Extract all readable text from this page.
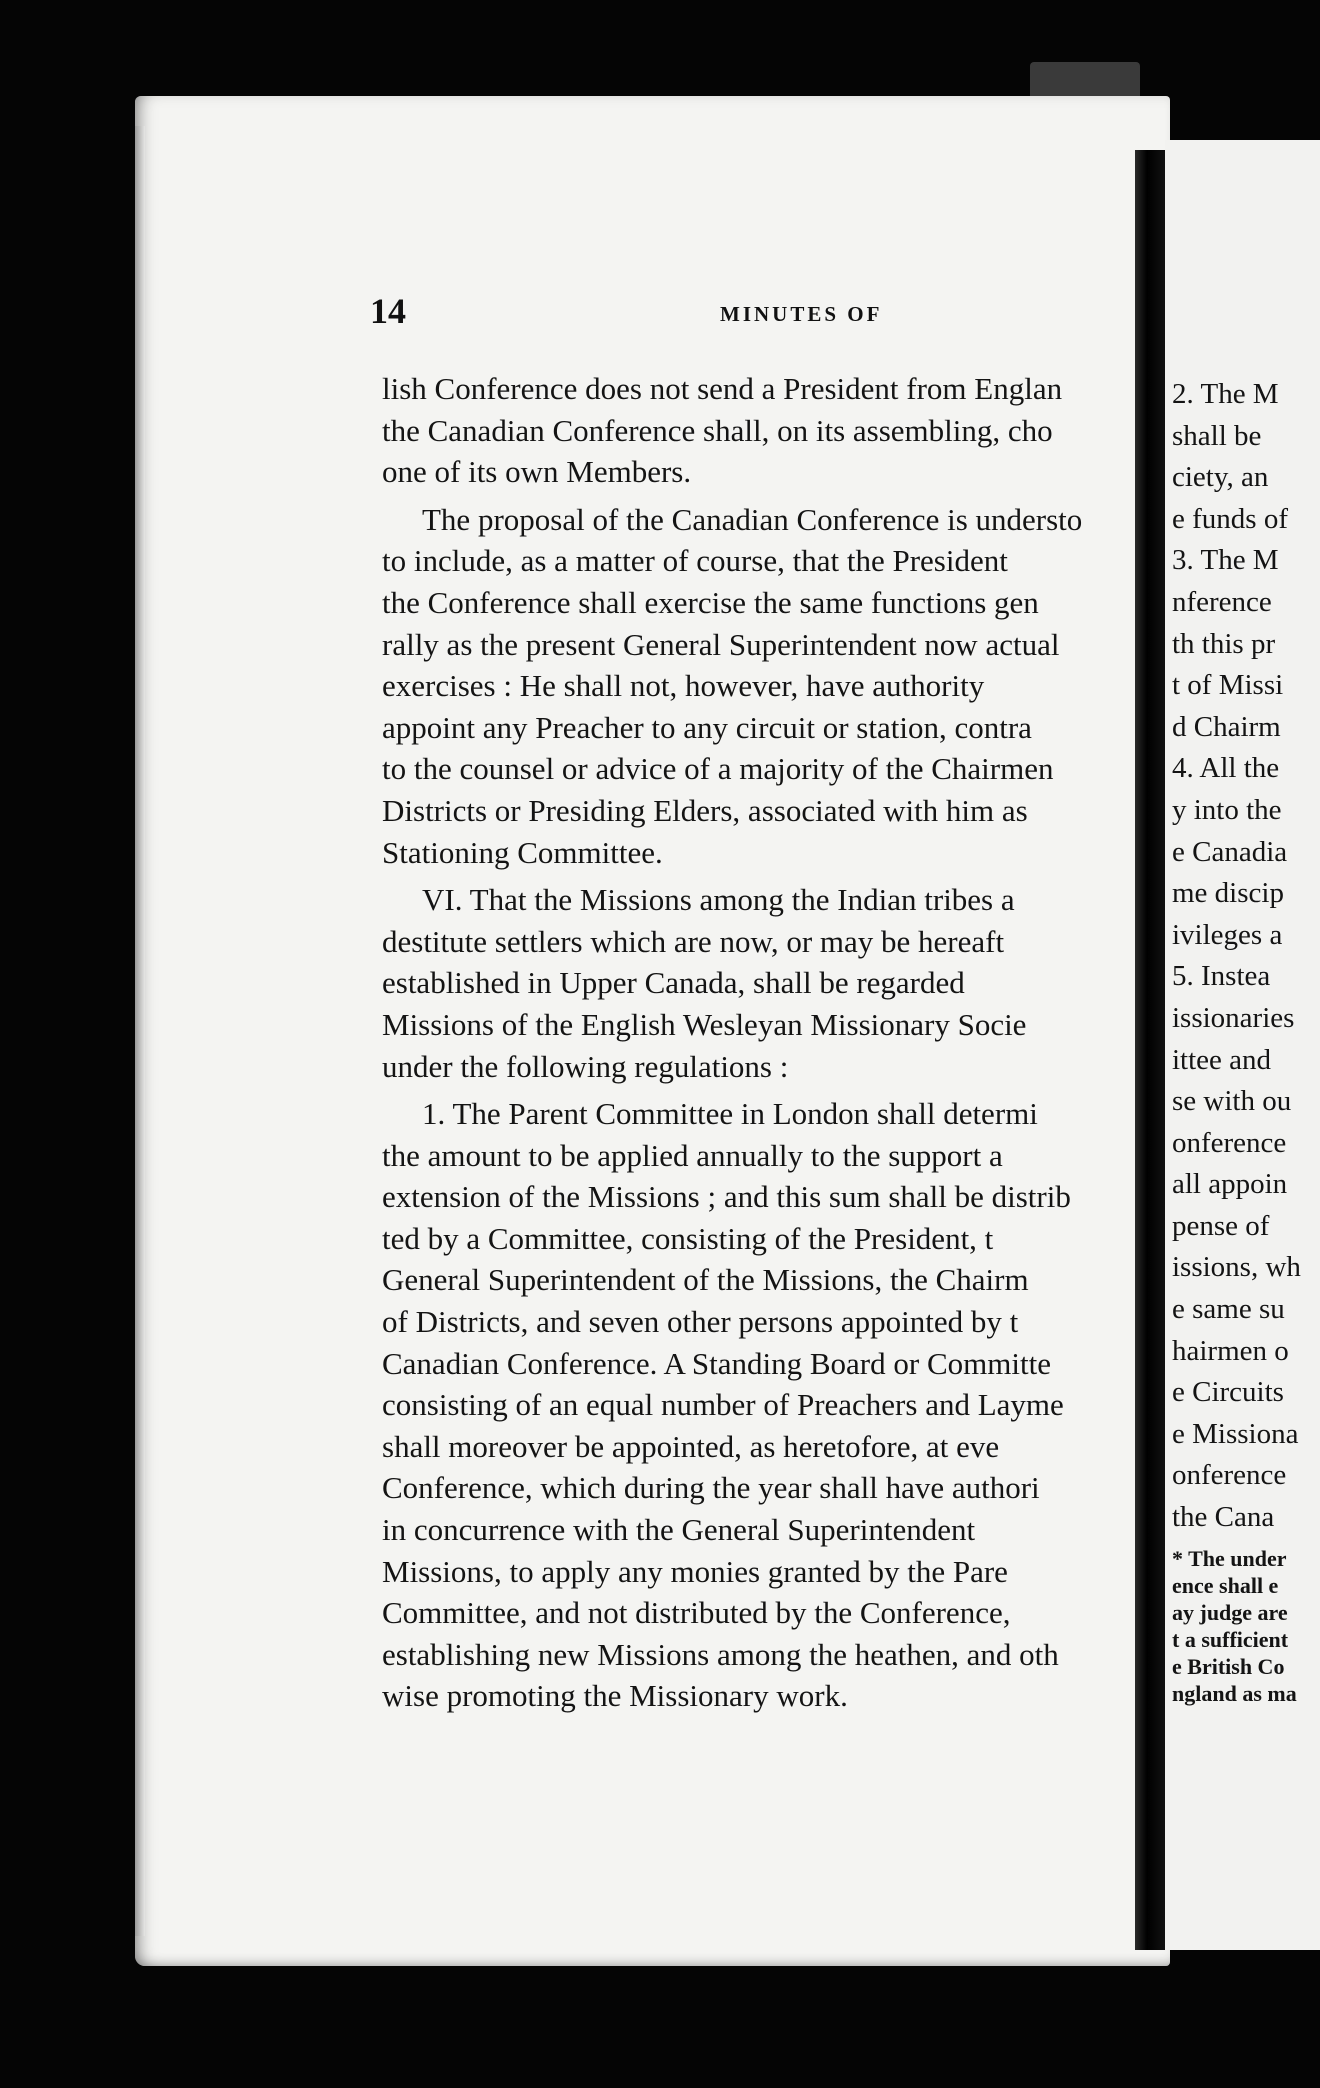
14	MINUTES OF

lish Conference does not send a President from Englan
the Canadian Conference shall, on its assembling, cho
one of its own Members.

The proposal of the Canadian Conference is understo
to include, as a matter of course, that the President
the Conference shall exercise the same functions gen
rally as the present General Superintendent now actual
exercises : He shall not, however, have authority
appoint any Preacher to any circuit or station, contra
to the counsel or advice of a majority of the Chairmen
Districts or Presiding Elders, associated with him as
Stationing Committee.

VI. That the Missions among the Indian tribes a
destitute settlers which are now, or may be hereaft
established in Upper Canada, shall be regarded
Missions of the English Wesleyan Missionary Socie
under the following regulations :

1. The Parent Committee in London shall determi
the amount to be applied annually to the support a
extension of the Missions ; and this sum shall be distrib
ted by a Committee, consisting of the President, t
General Superintendent of the Missions, the Chairm
of Districts, and seven other persons appointed by t
Canadian Conference. A Standing Board or Committe
consisting of an equal number of Preachers and Layme
shall moreover be appointed, as heretofore, at eve
Conference, which during the year shall have authori
in concurrence with the General Superintendent
Missions, to apply any monies granted by the Pare
Committee, and not distributed by the Conference,
establishing new Missions among the heathen, and oth
wise promoting the Missionary work.

2. The M
shall be
ciety, an
e funds of
3. The M
nference
th this pr
t of Missi
d Chairm
4. All the
y into the
e Canadia
me discip
ivileges a
5. Instea
issionaries
ittee and
se with ou
onference
all appoin
pense of
issions, wh
e same su
hairmen o
e Circuits
e Missiona
onference
the Cana
* The under
ence shall e
ay judge are
t a sufficient
e British Co
ngland as ma
